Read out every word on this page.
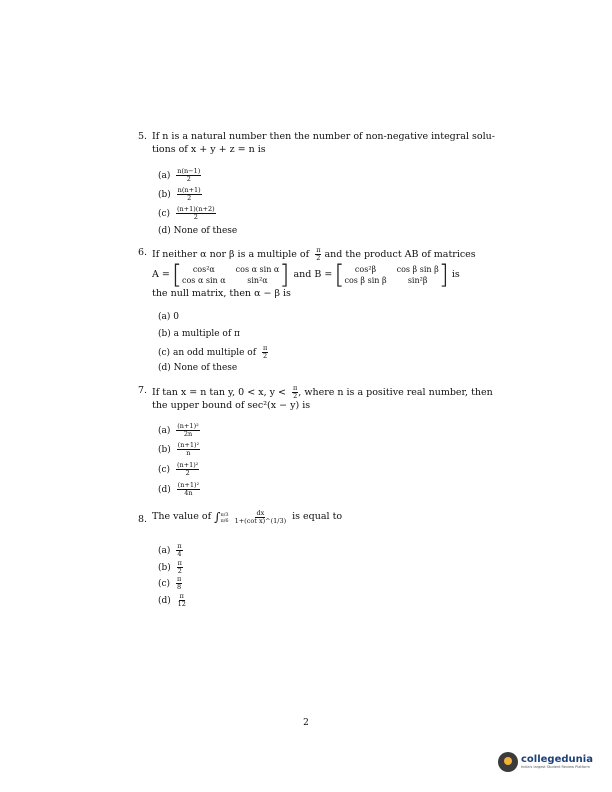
5. If n is a natural number then the number of non-negative integral solu-
tions of x + y + z = n is
$(a) \frac{n(n-1)}{2}$
$(b) \frac{n(n+1)}{2}$
$(c) \frac{(n+1)(n+2)}{2}$
(d) None of these
6. If neither α nor β is a multiple of $\frac{\pi}{2}$ and the product AB of matrices
A = [	cos²α	cos α sin α
cos α sin α	sin²α ] and B = [	cos²β	cos β sin β
cos β sin β	sin²β ] is
the null matrix, then α − β is
(a) 0
(b) a multiple of π
(c) an odd multiple of $\frac{\pi}{2}$
(d) None of these
7. If tan x = n tan y, 0 < x, $y < \frac{\pi}{2}$ , where n is a positive real number, then
the upper bound of sec²(x − y) is
$(a) \frac{\text{(n+1)²}}{2n}$
$(b) \frac{\text{(n+1)²}}{n}$
$(c) \frac{\text{(n+1)²}}{2}$
$(d) \frac{\text{(n+1)²}}{4n}$
8. The value of ∫ π/3
$\pi/6 \frac{dx}{\text{1+(cot x)\textasciicircum{}(1/3)}}$ is equal to
$(a) \frac{\pi}{4}$
$(b) \frac{\pi}{2}$
$(c) \frac{\pi}{8}$
$(d) \frac{\pi}{12}$
2
collegedunia
India's largest Student Review Platform
